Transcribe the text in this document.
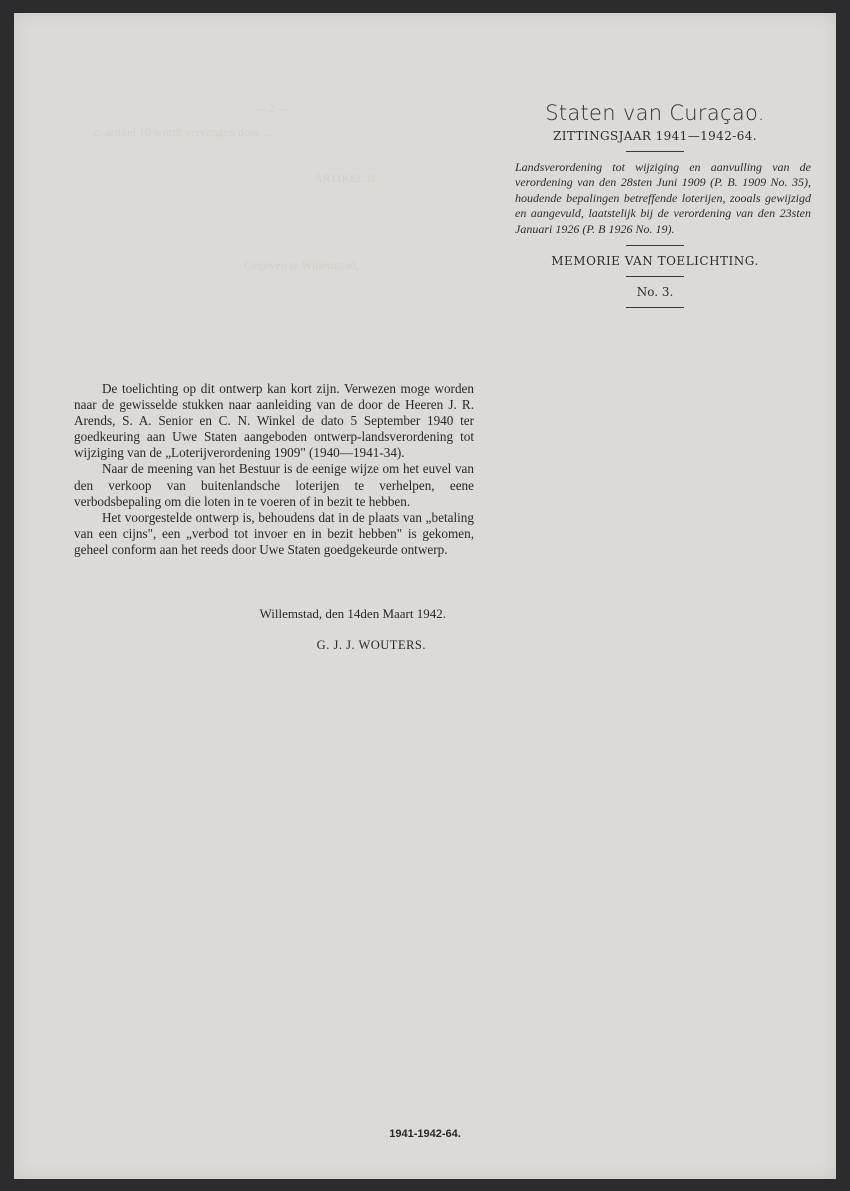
— 2 —
c. artikel 10 wordt vervangen door ...
ARTIKEL II.
Gegeven te Willemstad,
Staten van Curaçao.
ZITTINGSJAAR 1941—1942-64.
Landsverordening tot wijziging en aanvulling van de verordening van den 28sten Juni 1909 (P. B. 1909 No. 35), houdende bepalingen betreffende loterijen, zooals gewijzigd en aangevuld, laatstelijk bij de verordening van den 23sten Januari 1926 (P. B 1926 No. 19).
MEMORIE VAN TOELICHTING.
No. 3.

De toelichting op dit ontwerp kan kort zijn. Verwezen moge worden naar de gewisselde stukken naar aanleiding van de door de Heeren J. R. Arends, S. A. Senior en C. N. Winkel de dato 5 September 1940 ter goedkeuring aan Uwe Staten aangeboden ontwerp-landsverordening tot wijziging van de „Loterijverordening 1909" (1940—1941-34).

Naar de meening van het Bestuur is de eenige wijze om het euvel van den verkoop van buitenlandsche loterijen te verhelpen, eene verbodsbepaling om die loten in te voeren of in bezit te hebben.

Het voorgestelde ontwerp is, behoudens dat in de plaats van „betaling van een cijns", een „verbod tot invoer en in bezit hebben" is gekomen, geheel conform aan het reeds door Uwe Staten goedgekeurde ontwerp.

Willemstad, den 14den Maart 1942.
G. J. J. WOUTERS.
1941-1942-64.
